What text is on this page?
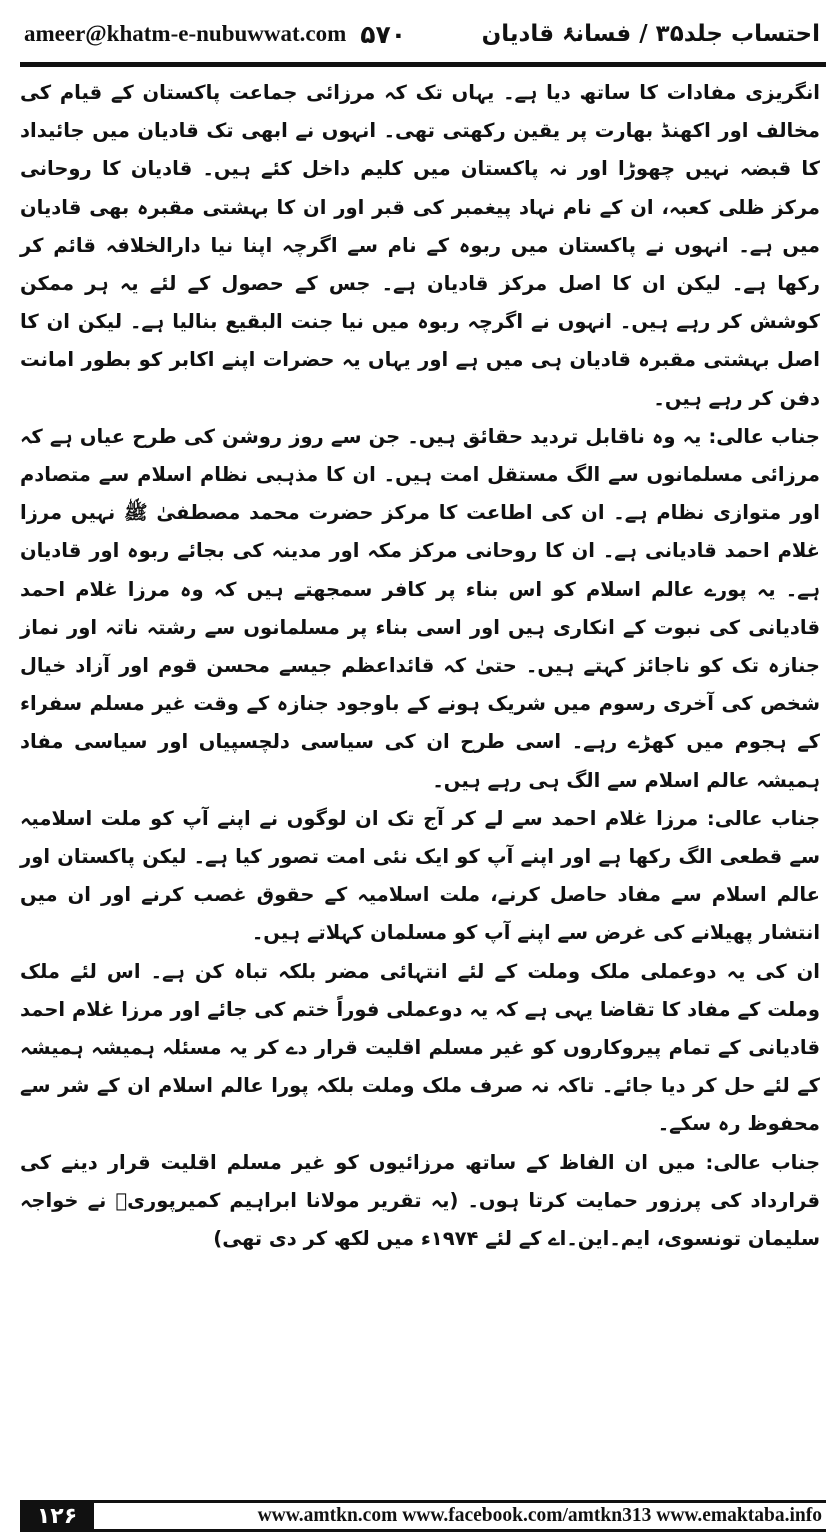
ameer@khatm-e-nubuwwat.com ۵۷۰	احتساب جلد۳۵ / فسانۂ قادیان

انگریزی مفادات کا ساتھ دیا ہے۔ یہاں تک کہ مرزائی جماعت پاکستان کے قیام کی مخالف اور اکھنڈ بھارت پر یقین رکھتی تھی۔ انہوں نے ابھی تک قادیان میں جائیداد کا قبضہ نہیں چھوڑا اور نہ پاکستان میں کلیم داخل کئے ہیں۔ قادیان کا روحانی مرکز ظلی کعبہ، ان کے نام نہاد پیغمبر کی قبر اور ان کا بہشتی مقبرہ بھی قادیان میں ہے۔ انہوں نے پاکستان میں ربوہ کے نام سے اگرچہ اپنا نیا دارالخلافہ قائم کر رکھا ہے۔ لیکن ان کا اصل مرکز قادیان ہے۔ جس کے حصول کے لئے یہ ہر ممکن کوشش کر رہے ہیں۔ انہوں نے اگرچہ ربوہ میں نیا جنت البقیع بنالیا ہے۔ لیکن ان کا اصل بہشتی مقبرہ قادیان ہی میں ہے اور یہاں یہ حضرات اپنے اکابر کو بطور امانت دفن کر رہے ہیں۔

جناب عالی: یہ وہ ناقابل تردید حقائق ہیں۔ جن سے روز روشن کی طرح عیاں ہے کہ مرزائی مسلمانوں سے الگ مستقل امت ہیں۔ ان کا مذہبی نظام اسلام سے متصادم اور متوازی نظام ہے۔ ان کی اطاعت کا مرکز حضرت محمد مصطفیٰ ﷺ نہیں مرزا غلام احمد قادیانی ہے۔ ان کا روحانی مرکز مکہ اور مدینہ کی بجائے ربوہ اور قادیان ہے۔ یہ پورے عالم اسلام کو اس بناء پر کافر سمجھتے ہیں کہ وہ مرزا غلام احمد قادیانی کی نبوت کے انکاری ہیں اور اسی بناء پر مسلمانوں سے رشتہ ناتہ اور نماز جنازہ تک کو ناجائز کہتے ہیں۔ حتیٰ کہ قائداعظم جیسے محسن قوم اور آزاد خیال شخص کی آخری رسوم میں شریک ہونے کے باوجود جنازہ کے وقت غیر مسلم سفراء کے ہجوم میں کھڑے رہے۔ اسی طرح ان کی سیاسی دلچسپیاں اور سیاسی مفاد ہمیشہ عالم اسلام سے الگ ہی رہے ہیں۔

جناب عالی: مرزا غلام احمد سے لے کر آج تک ان لوگوں نے اپنے آپ کو ملت اسلامیہ سے قطعی الگ رکھا ہے اور اپنے آپ کو ایک نئی امت تصور کیا ہے۔ لیکن پاکستان اور عالم اسلام سے مفاد حاصل کرنے، ملت اسلامیہ کے حقوق غصب کرنے اور ان میں انتشار پھیلانے کی غرض سے اپنے آپ کو مسلمان کہلاتے ہیں۔

ان کی یہ دوعملی ملک وملت کے لئے انتہائی مضر بلکہ تباہ کن ہے۔ اس لئے ملک وملت کے مفاد کا تقاضا یہی ہے کہ یہ دوعملی فوراً ختم کی جائے اور مرزا غلام احمد قادیانی کے تمام پیروکاروں کو غیر مسلم اقلیت قرار دے کر یہ مسئلہ ہمیشہ ہمیشہ کے لئے حل کر دیا جائے۔ تاکہ نہ صرف ملک وملت بلکہ پورا عالم اسلام ان کے شر سے محفوظ رہ سکے۔

جناب عالی: میں ان الفاظ کے ساتھ مرزائیوں کو غیر مسلم اقلیت قرار دینے کی قرارداد کی پرزور حمایت کرتا ہوں۔ (یہ تقریر مولانا ابراہیم کمیرپوریؒ نے خواجہ سلیمان تونسوی، ایم۔این۔اے کے لئے ۱۹۷۴ء میں لکھ کر دی تھی)

۱۲۶	www.amtkn.com www.facebook.com/amtkn313 www.emaktaba.info
